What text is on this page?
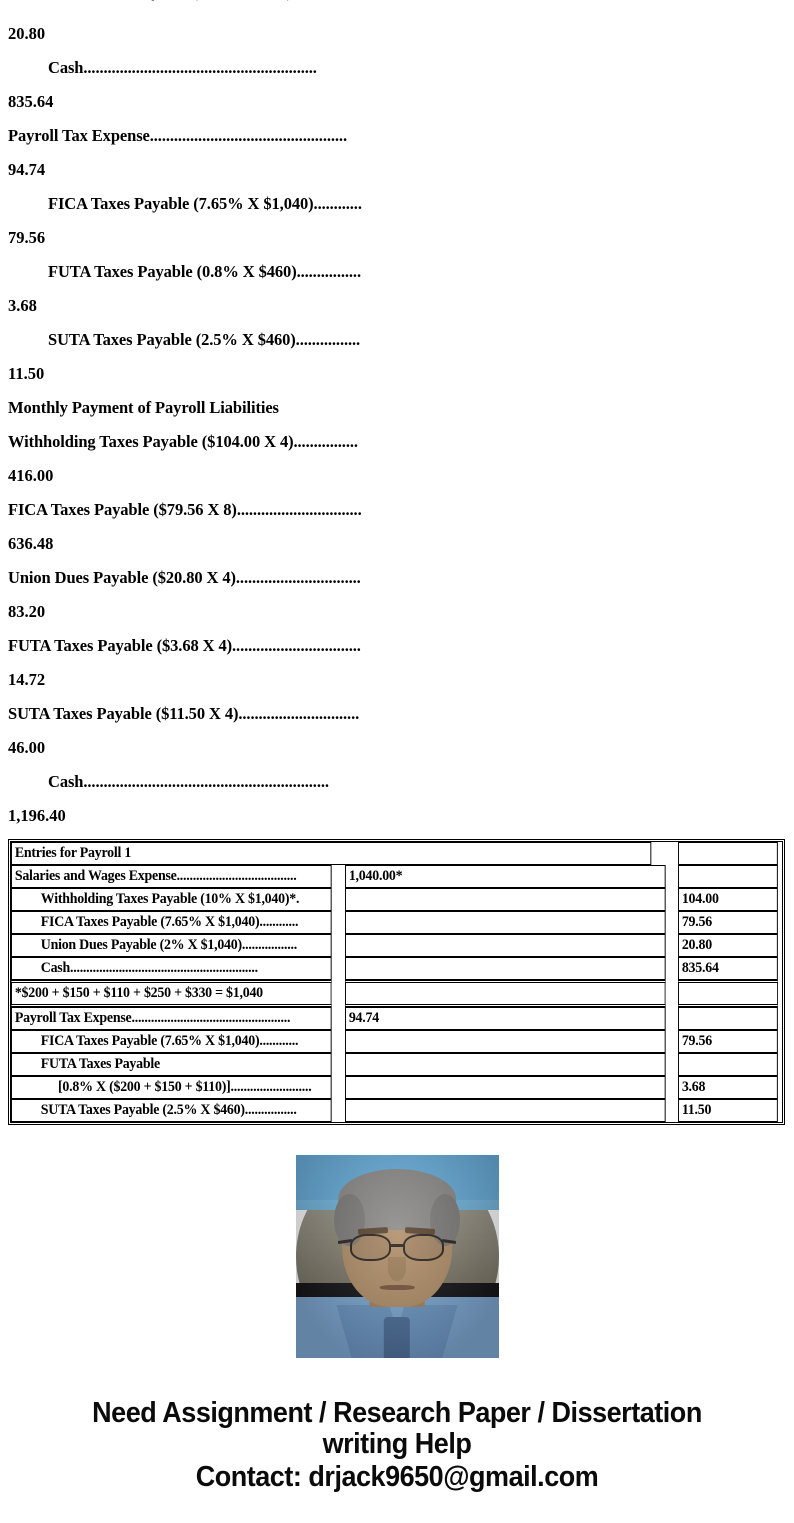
20.80
Cash..........................................................
835.64
Payroll Tax Expense.................................................
94.74
FICA Taxes Payable (7.65% X $1,040)............
79.56
FUTA Taxes Payable (0.8% X $460)................
3.68
SUTA Taxes Payable (2.5% X $460)................
11.50
Monthly Payment of Payroll Liabilities
Withholding Taxes Payable ($104.00 X 4)................
416.00
FICA Taxes Payable ($79.56 X 8)...............................
636.48
Union Dues Payable ($20.80 X 4)...............................
83.20
FUTA Taxes Payable ($3.68 X 4)................................
14.72
SUTA Taxes Payable ($11.50 X 4)..............................
46.00
Cash.............................................................
1,196.40
Entries for Payroll 1		
Salaries and Wages Expense.....................................	1,040.00*	
Withholding Taxes Payable (10% X $1,040)*.		104.00
FICA Taxes Payable (7.65% X $1,040)............		79.56
Union Dues Payable (2% X $1,040).................		20.80
Cash..........................................................		835.64
*$200 + $150 + $110 + $250 + $330 = $1,040		
Payroll Tax Expense.................................................	94.74	
FICA Taxes Payable (7.65% X $1,040)............		79.56
FUTA Taxes Payable		
[0.8% X ($200 + $150 + $110)].........................		3.68
SUTA Taxes Payable (2.5% X $460)................		11.50
Need Assignment / Research Paper / Dissertation
writing Help
Contact: drjack9650@gmail.com
